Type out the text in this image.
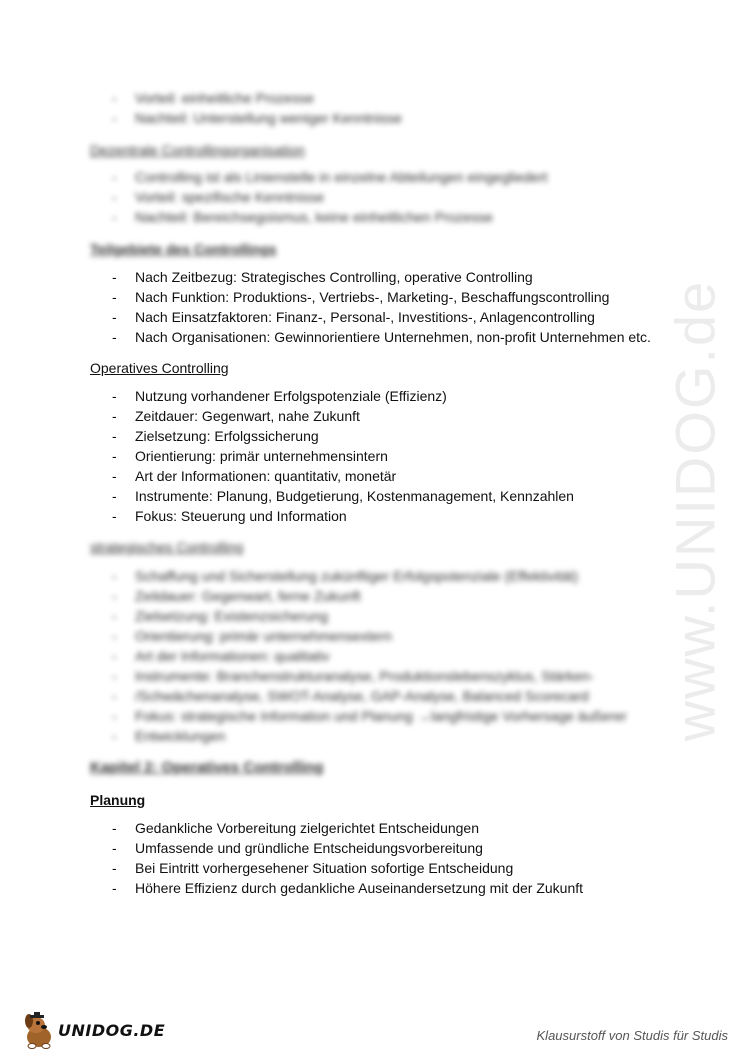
www.UNIDOG.de
- Vorteil: einheitliche Prozesse
- Nachteil: Unterstellung weniger Kenntnisse
Dezentrale Controllingorganisation
- Controlling ist als Linienstelle in einzelne Abteilungen eingegliedert
- Vorteil: spezifische Kenntnisse
- Nachteil: Bereichsegoismus, keine einheitlichen Prozesse
Teilgebiete des Controllings
- Nach Zeitbezug: Strategisches Controlling, operative Controlling
- Nach Funktion: Produktions-, Vertriebs-, Marketing-, Beschaffungscontrolling
- Nach Einsatzfaktoren: Finanz-, Personal-, Investitions-, Anlagencontrolling
- Nach Organisationen: Gewinnorientiere Unternehmen, non-profit Unternehmen etc.
Operatives Controlling
- Nutzung vorhandener Erfolgspotenziale (Effizienz)
- Zeitdauer: Gegenwart, nahe Zukunft
- Zielsetzung: Erfolgssicherung
- Orientierung: primär unternehmensintern
- Art der Informationen: quantitativ, monetär
- Instrumente: Planung, Budgetierung, Kostenmanagement, Kennzahlen
- Fokus: Steuerung und Information
strategisches Controlling
- Schaffung und Sicherstellung zukünftiger Erfolgspotenziale (Effektivität)
- Zeitdauer: Gegenwart, ferne Zukunft
- Zielsetzung: Existenzsicherung
- Orientierung: primär unternehmensextern
- Art der Informationen: qualitativ
- Instrumente: Branchenstrukturanalyse, Produktionslebenszyklus, Stärken-
- /Schwächenanalyse, SWOT-Analyse, GAP-Analyse, Balanced Scorecard
- Fokus: strategische Information und Planung →langfristige Vorhersage äußerer
- Entwicklungen
Kapitel 2: Operatives Controlling
Planung
- Gedankliche Vorbereitung zielgerichtet Entscheidungen
- Umfassende und gründliche Entscheidungsvorbereitung
- Bei Eintritt vorhergesehener Situation sofortige Entscheidung
- Höhere Effizienz durch gedankliche Auseinandersetzung mit der Zukunft
UNIDOG.DE	Klausurstoff von Studis für Studis
